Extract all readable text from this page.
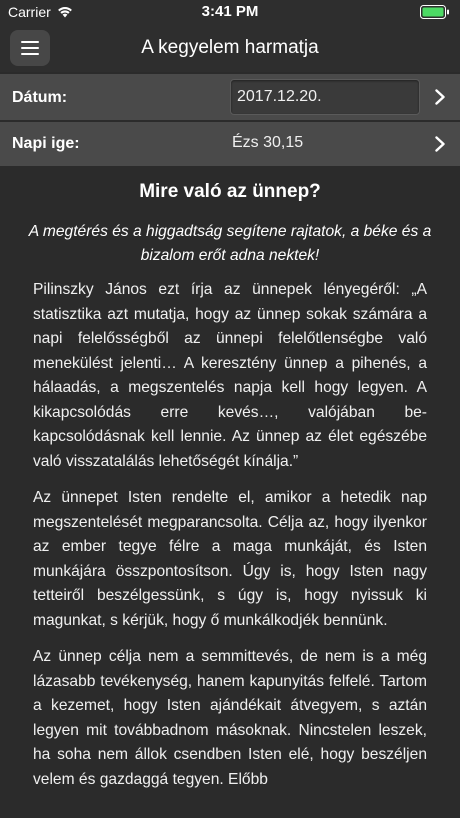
Carrier	3:41 PM
A kegyelem harmatja
Dátum:	2017.12.20.
Napi ige:	Ézs 30,15
Mire való az ünnep?
A megtérés és a higgadtság segítene rajtatok, a béke és a bizalom erőt adna nektek!

Pilinszky János ezt írja az ünnepek lényegéről: „A statisztika azt mutatja, hogy az ünnep sokak számára a napi felelősségből az ünnepi felelőtlenségbe való menekülést jelenti… A keresztény ünnep a pihenés, a hálaadás, a megszentelés napja kell hogy legyen. A kikapcsolódás erre kevés…, valójában bekapcsolódásnak kell lennie. Az ünnep az élet egészébe való visszatalálás lehetőségét kínálja.”

Az ünnepet Isten rendelte el, amikor a hetedik nap megszentelését megparancsolta. Célja az, hogy ilyenkor az ember tegye félre a maga munkáját, és Isten munkájára összpontosítson. Úgy is, hogy Isten nagy tetteiről beszélgessünk, s úgy is, hogy nyissuk ki magunkat, s kérjük, hogy ő munkálkodjék bennünk.

Az ünnep célja nem a semmittevés, de nem is a még lázasabb tevékenység, hanem kapunyitás felfelé. Tartom a kezemet, hogy Isten ajándékait átvegyem, s aztán legyen mit továbbadnom másoknak. Nincstelen leszek, ha soha nem állok csendben Isten elé, hogy beszéljen velem és gazdaggá tegyen. Előbb
